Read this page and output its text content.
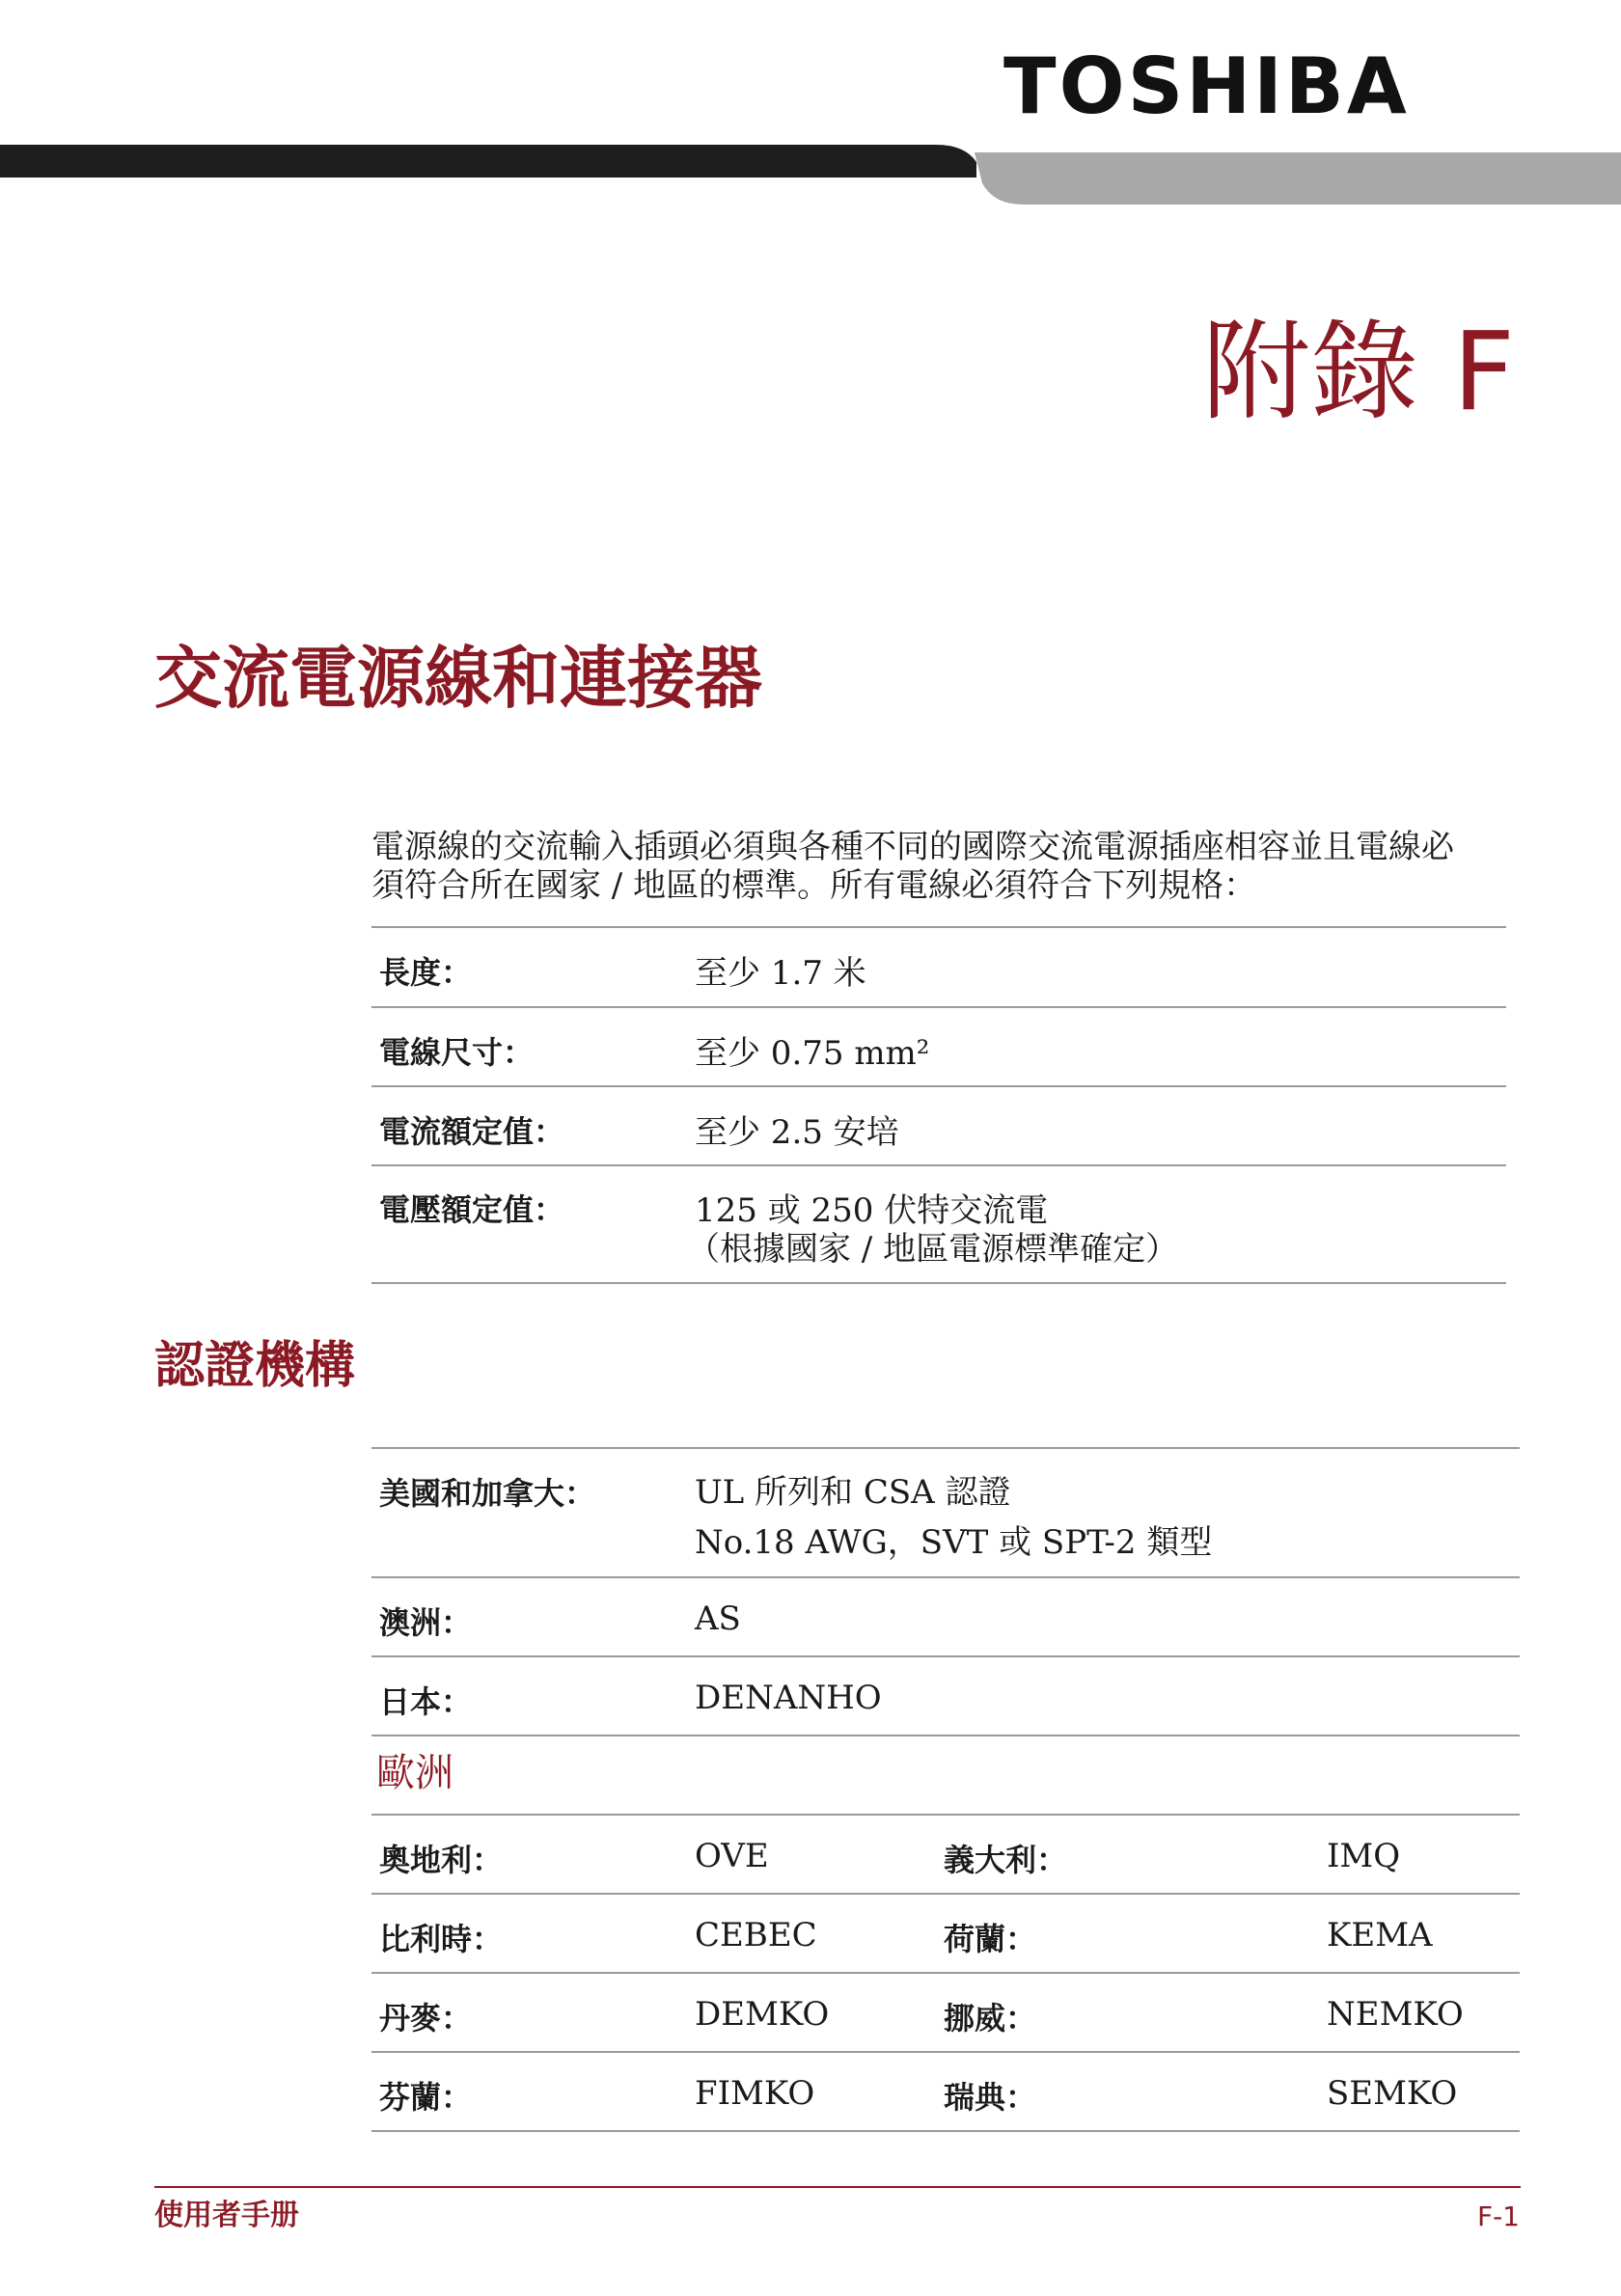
TOSHIBA
附錄 F
交流電源線和連接器
電源線的交流輸入插頭必須與各種不同的國際交流電源插座相容並且電線必
須符合所在國家 / 地區的標準。所有電線必須符合下列規格：
長度：	至少 1.7 米
電線尺寸：	至少 0.75 mm²
電流額定值：	至少 2.5 安培
電壓額定值：	125 或 250 伏特交流電
（根據國家 / 地區電源標準確定）
認證機構
美國和加拿大：	UL 所列和 CSA 認證
No.18 AWG，SVT 或 SPT-2 類型
澳洲：	AS
日本：	DENANHO
歐洲
奧地利：	OVE	義大利：	IMQ
比利時：	CEBEC	荷蘭：	KEMA
丹麥：	DEMKO	挪威：	NEMKO
芬蘭：	FIMKO	瑞典：	SEMKO
使用者手册	F-1
